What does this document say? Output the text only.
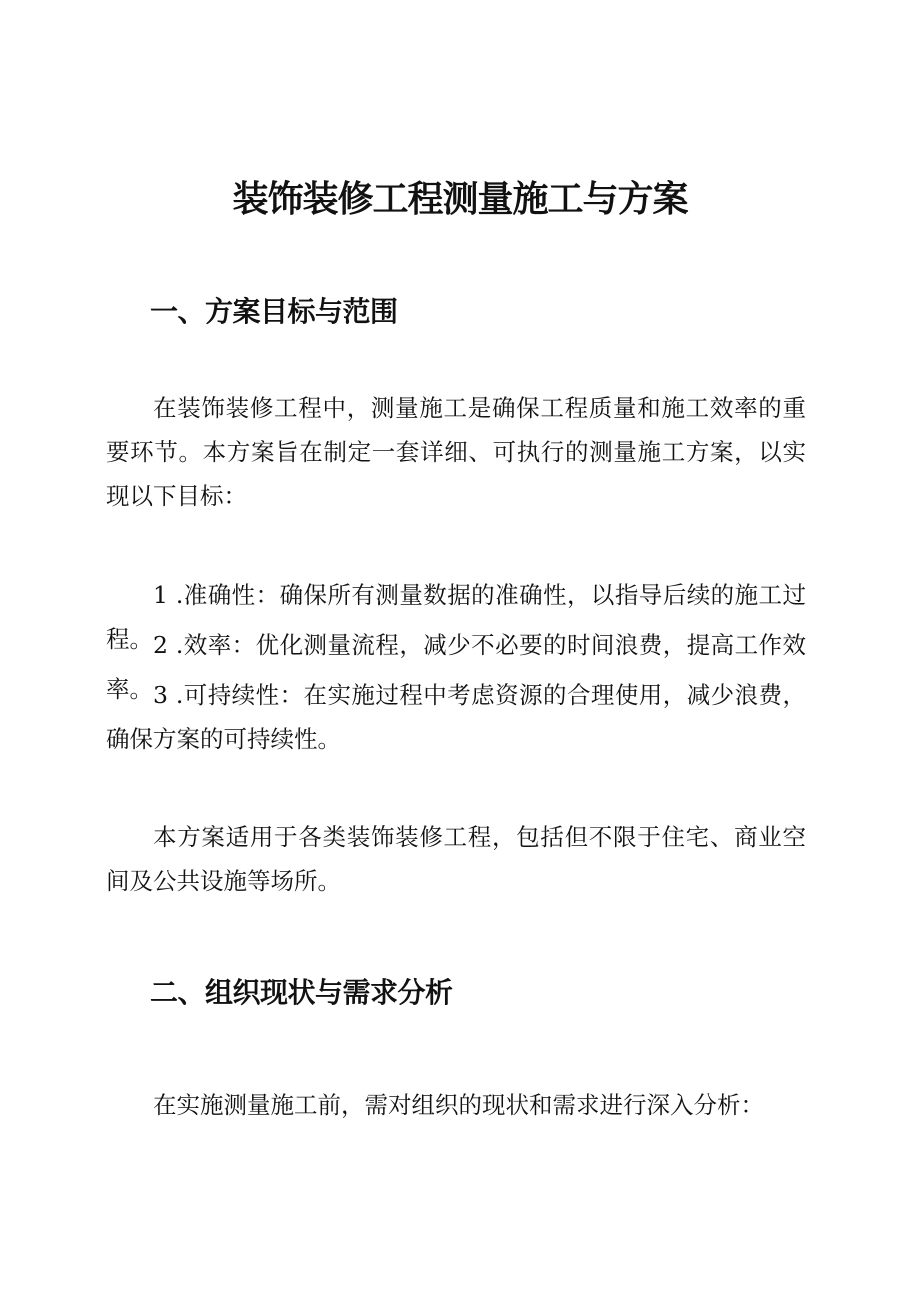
装饰装修工程测量施工与方案
一、方案目标与范围
在装饰装修工程中，测量施工是确保工程质量和施工效率的重要环节。本方案旨在制定一套详细、可执行的测量施工方案，以实现以下目标：
1 .准确性：确保所有测量数据的准确性，以指导后续的施工过程。 2 .效率：优化测量流程，减少不必要的时间浪费，提高工作效率。 3 .可持续性：在实施过程中考虑资源的合理使用，减少浪费，确保方案的可持续性。
本方案适用于各类装饰装修工程，包括但不限于住宅、商业空间及公共设施等场所。
二、组织现状与需求分析
在实施测量施工前，需对组织的现状和需求进行深入分析：
